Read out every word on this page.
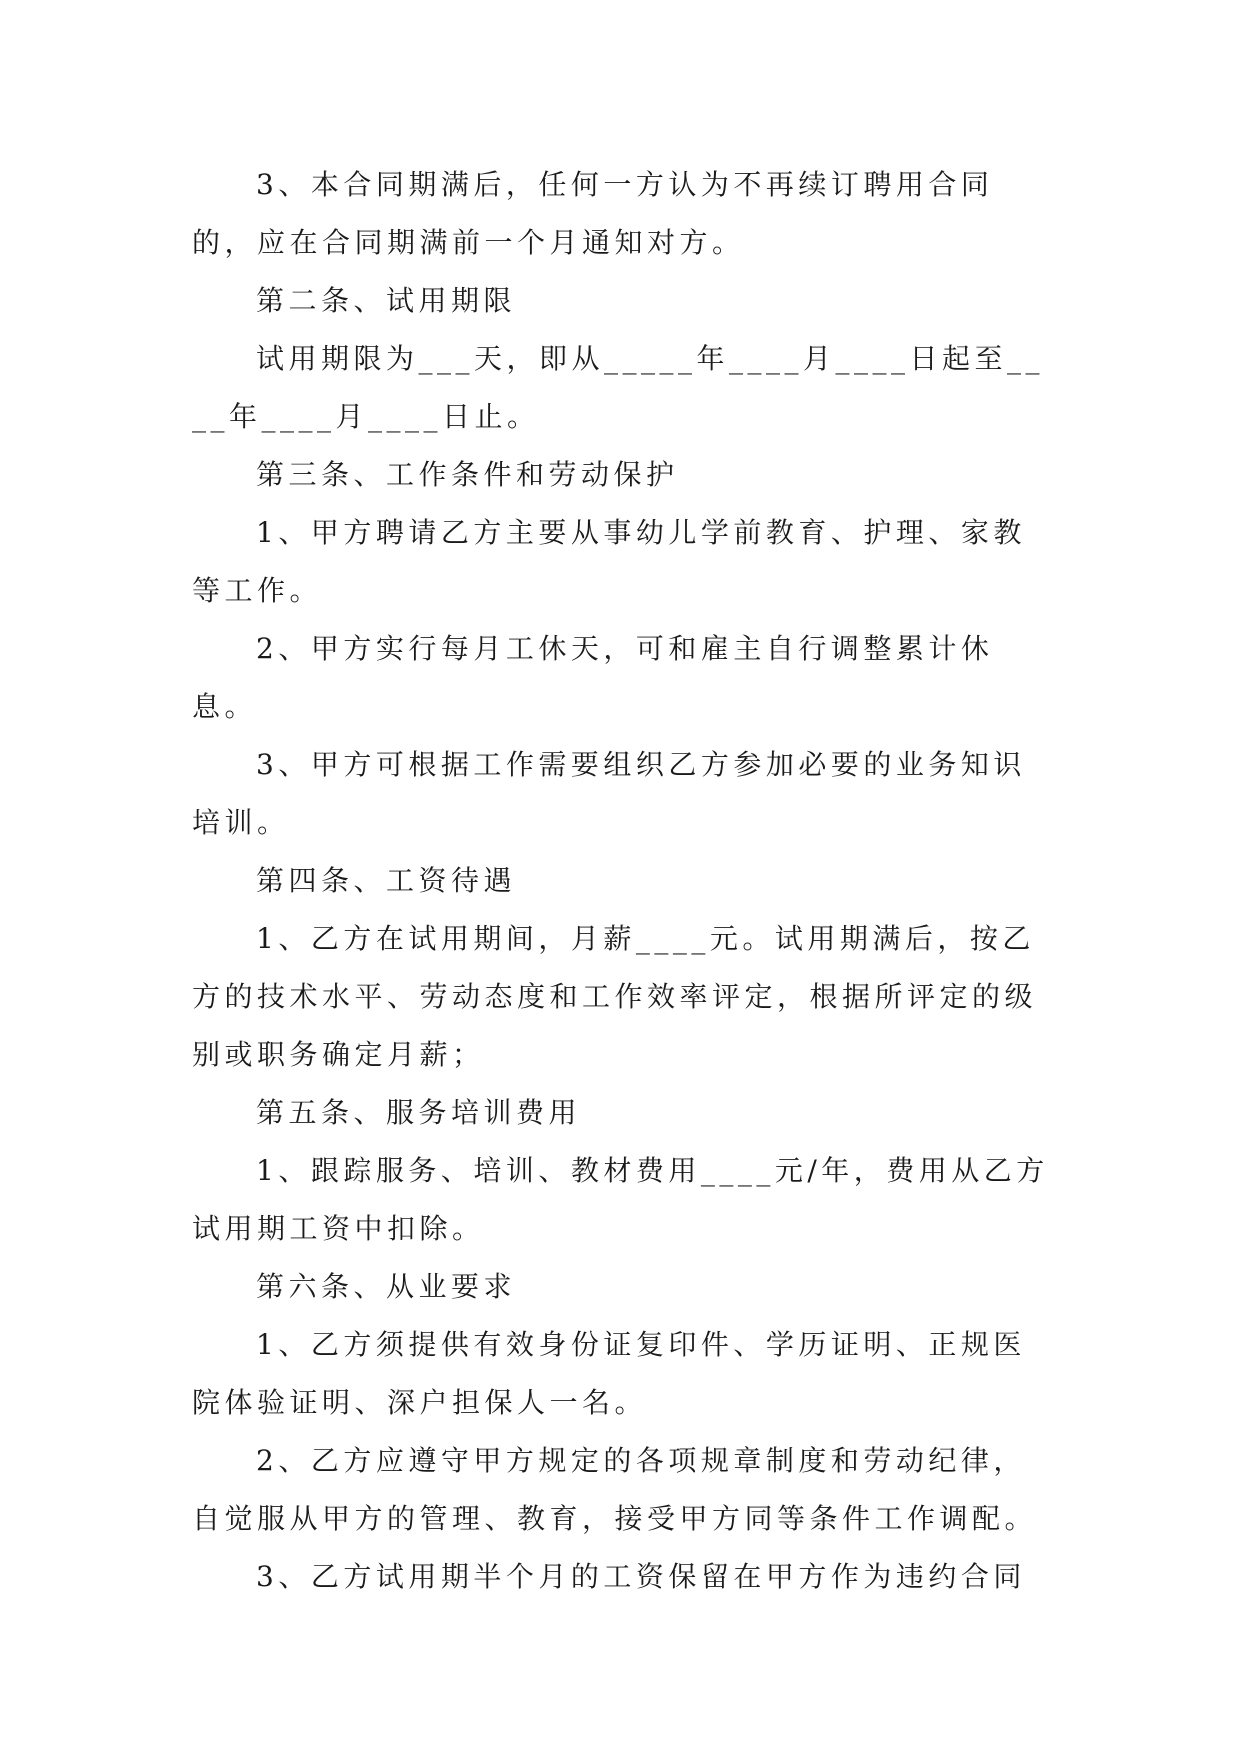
3、本合同期满后，任何一方认为不再续订聘用合同的，应在合同期满前一个月通知对方。

第二条、试用期限

试用期限为___天，即从_____年____月____日起至____年____月____日止。

第三条、工作条件和劳动保护

1、甲方聘请乙方主要从事幼儿学前教育、护理、家教等工作。

2、甲方实行每月工休天，可和雇主自行调整累计休息。

3、甲方可根据工作需要组织乙方参加必要的业务知识培训。

第四条、工资待遇

1、乙方在试用期间，月薪____元。试用期满后，按乙方的技术水平、劳动态度和工作效率评定，根据所评定的级别或职务确定月薪；

第五条、服务培训费用

1、跟踪服务、培训、教材费用____元/年，费用从乙方试用期工资中扣除。

第六条、从业要求

1、乙方须提供有效身份证复印件、学历证明、正规医院体验证明、深户担保人一名。

2、乙方应遵守甲方规定的各项规章制度和劳动纪律，自觉服从甲方的管理、教育，接受甲方同等条件工作调配。

3、乙方试用期半个月的工资保留在甲方作为违约合同
